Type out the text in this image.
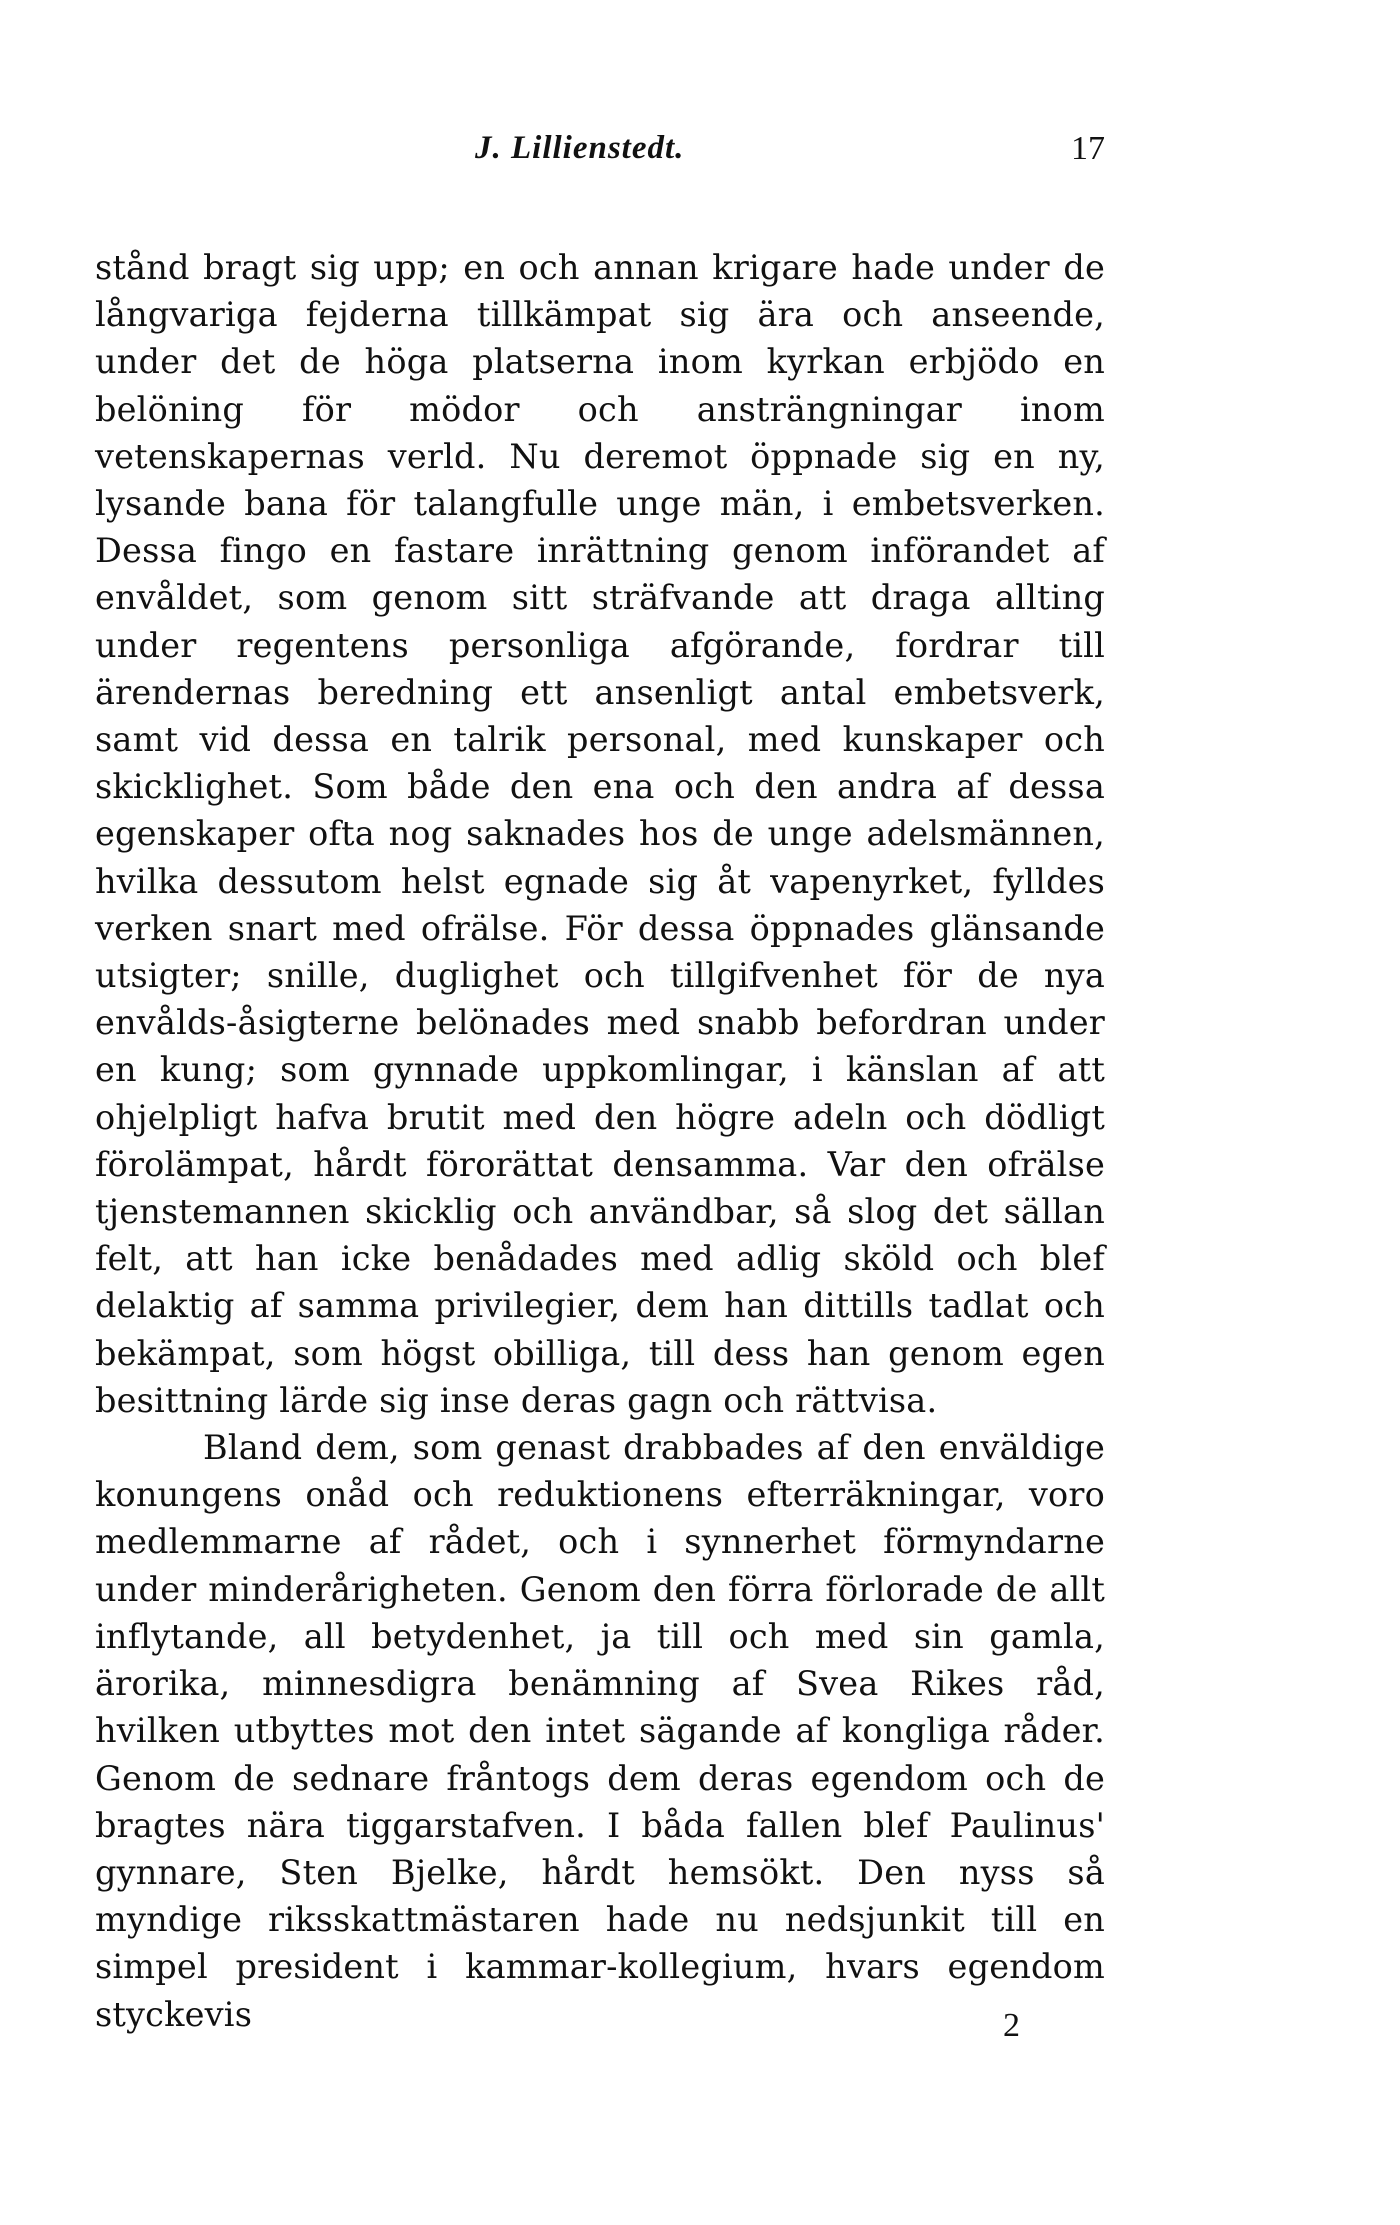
J. Lillienstedt.	17

stånd bragt sig upp; en och annan krigare hade under de långvariga fejderna tillkämpat sig ära och anseende, under det de höga platserna inom kyrkan erbjödo en belöning för mödor och ansträngningar inom vetenskapernas verld. Nu deremot öppnade sig en ny, lysande bana för talangfulle unge män, i embetsverken. Dessa fingo en fastare inrättning genom införandet af envåldet, som genom sitt sträfvande att draga allting under regentens personliga afgörande, fordrar till ärendernas beredning ett ansenligt antal embetsverk, samt vid dessa en talrik personal, med kunskaper och skicklighet. Som både den ena och den andra af dessa egenskaper ofta nog saknades hos de unge adelsmännen, hvilka dessutom helst egnade sig åt vapenyrket, fylldes verken snart med ofrälse. För dessa öppnades glänsande utsigter; snille, duglighet och tillgifvenhet för de nya envålds-åsigterne belönades med snabb befordran under en kung; som gynnade uppkomlingar, i känslan af att ohjelpligt hafva brutit med den högre adeln och dödligt förolämpat, hårdt förorättat densamma. Var den ofrälse tjenstemannen skicklig och användbar, så slog det sällan felt, att han icke benådades med adlig sköld och blef delaktig af samma privilegier, dem han dittills tadlat och bekämpat, som högst obilliga, till dess han genom egen besittning lärde sig inse deras gagn och rättvisa.

Bland dem, som genast drabbades af den enväldige konungens onåd och reduktionens efterräkningar, voro medlemmarne af rådet, och i synnerhet förmyndarne under minderårigheten. Genom den förra förlorade de allt inflytande, all betydenhet, ja till och med sin gamla, ärorika, minnesdigra benämning af Svea Rikes råd, hvilken utbyttes mot den intet sägande af kongliga råder. Genom de sednare fråntogs dem deras egendom och de bragtes nära tiggarstafven. I båda fallen blef Paulinus' gynnare, Sten Bjelke, hårdt hemsökt. Den nyss så myndige riksskattmästaren hade nu nedsjunkit till en simpel president i kammar-kollegium, hvars egendom styckevis	2
